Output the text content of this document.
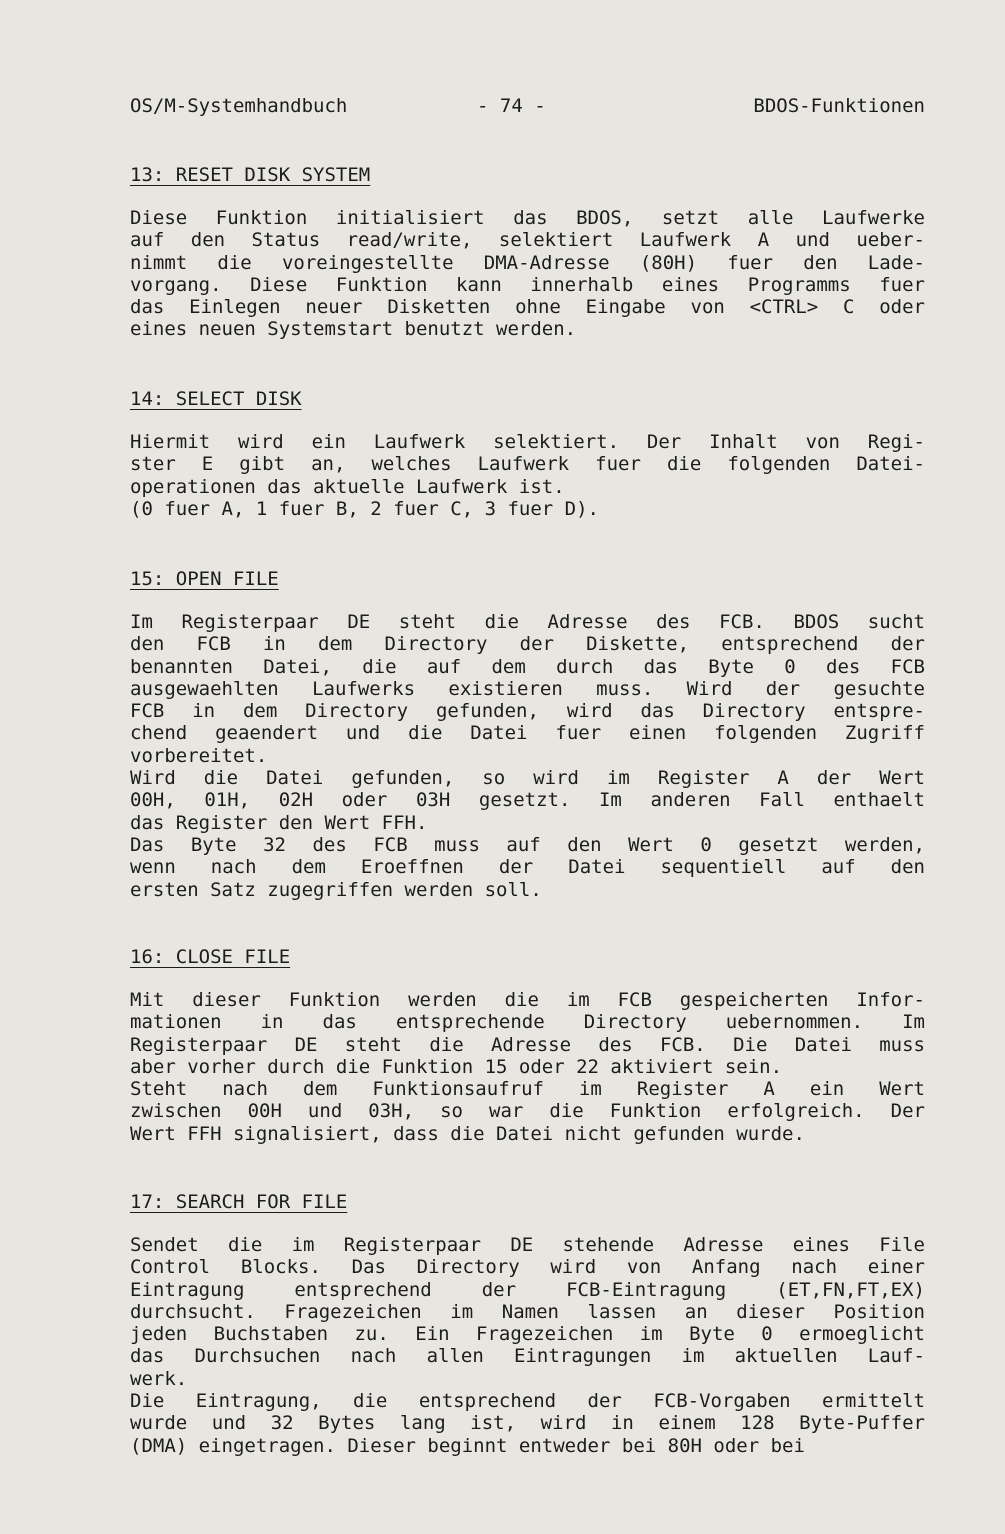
OS/M-Systemhandbuch	- 74 -	BDOS-Funktionen
13: RESET DISK SYSTEM
Diese Funktion initialisiert das BDOS, setzt alle Laufwerke
auf den Status read/write, selektiert Laufwerk A und ueber-
nimmt die voreingestellte DMA-Adresse (80H) fuer den Lade-
vorgang. Diese Funktion kann innerhalb eines Programms fuer
das Einlegen neuer Disketten ohne Eingabe von <CTRL> C oder
eines neuen Systemstart benutzt werden.
14: SELECT DISK
Hiermit wird ein Laufwerk selektiert. Der Inhalt von Regi-
ster E gibt an, welches Laufwerk fuer die folgenden Datei-
operationen das aktuelle Laufwerk ist.
(0 fuer A, 1 fuer B, 2 fuer C, 3 fuer D).
15: OPEN FILE
Im Registerpaar DE steht die Adresse des FCB. BDOS sucht
den FCB in dem Directory der Diskette, entsprechend der
benannten Datei, die auf dem durch das Byte 0 des FCB
ausgewaehlten Laufwerks existieren muss. Wird der gesuchte
FCB in dem Directory gefunden, wird das Directory entspre-
chend geaendert und die Datei fuer einen folgenden Zugriff
vorbereitet.
Wird die Datei gefunden, so wird im Register A der Wert
00H, 01H, 02H oder 03H gesetzt. Im anderen Fall enthaelt
das Register den Wert FFH.
Das Byte 32 des FCB muss auf den Wert 0 gesetzt werden,
wenn nach dem Eroeffnen der Datei sequentiell auf den
ersten Satz zugegriffen werden soll.
16: CLOSE FILE
Mit dieser Funktion werden die im FCB gespeicherten Infor-
mationen in das entsprechende Directory uebernommen. Im
Registerpaar DE steht die Adresse des FCB. Die Datei muss
aber vorher durch die Funktion 15 oder 22 aktiviert sein.
Steht nach dem Funktionsaufruf im Register A ein Wert
zwischen 00H und 03H, so war die Funktion erfolgreich. Der
Wert FFH signalisiert, dass die Datei nicht gefunden wurde.
17: SEARCH FOR FILE
Sendet die im Registerpaar DE stehende Adresse eines File
Control Blocks. Das Directory wird von Anfang nach einer
Eintragung entsprechend der FCB-Eintragung (ET,FN,FT,EX)
durchsucht. Fragezeichen im Namen lassen an dieser Position
jeden Buchstaben zu. Ein Fragezeichen im Byte 0 ermoeglicht
das Durchsuchen nach allen Eintragungen im aktuellen Lauf-
werk.
Die Eintragung, die entsprechend der FCB-Vorgaben ermittelt
wurde und 32 Bytes lang ist, wird in einem 128 Byte-Puffer
(DMA) eingetragen. Dieser beginnt entweder bei 80H oder bei
